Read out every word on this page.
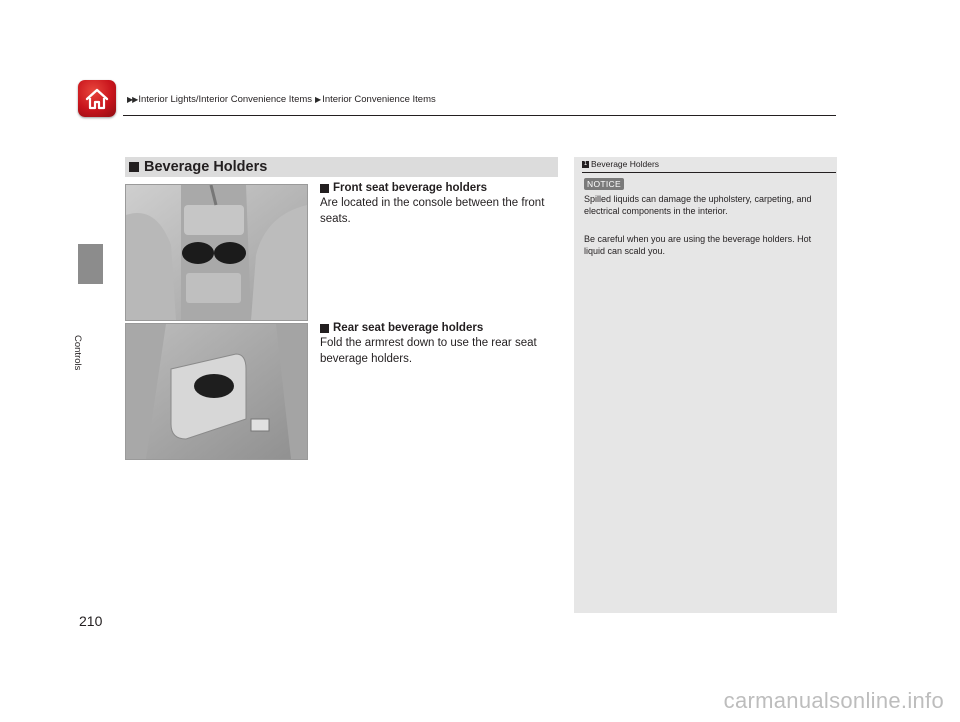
▶▶ Interior Lights/Interior Convenience Items ▶ Interior Convenience Items
Controls
Beverage Holders
Front seat beverage holders
Are located in the console between the front seats.
Rear seat beverage holders
Fold the armrest down to use the rear seat beverage holders.
1 Beverage Holders
NOTICE
Spilled liquids can damage the upholstery, carpeting, and electrical components in the interior.
Be careful when you are using the beverage holders. Hot liquid can scald you.
210
carmanualsonline.info
